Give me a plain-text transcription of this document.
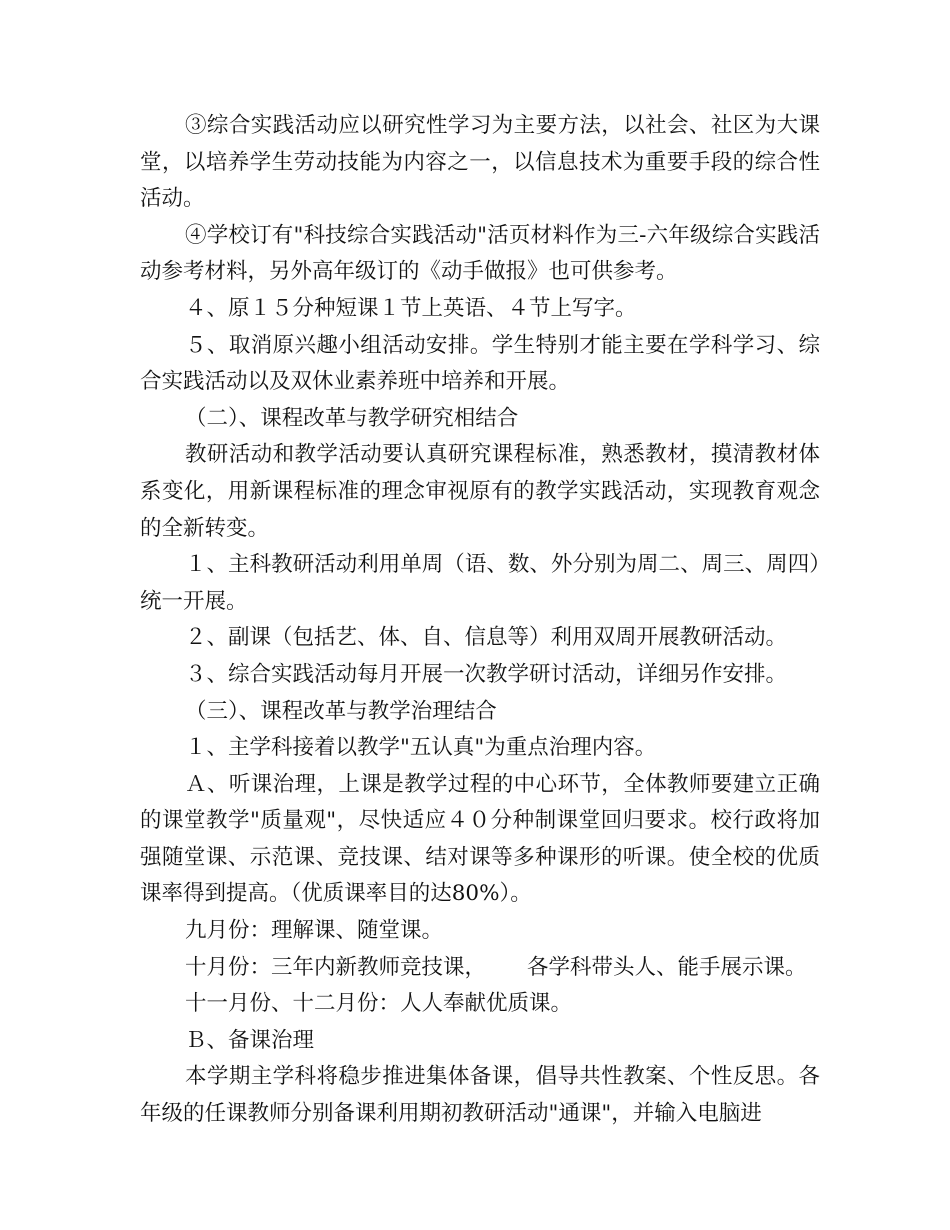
③综合实践活动应以研究性学习为主要方法，以社会、社区为大课堂，以培养学生劳动技能为内容之一，以信息技术为重要手段的综合性活动。

④学校订有"科技综合实践活动"活页材料作为三-六年级综合实践活动参考材料，另外高年级订的《动手做报》也可供参考。

４、原１５分种短课１节上英语、４节上写字。

５、取消原兴趣小组活动安排。学生特别才能主要在学科学习、综合实践活动以及双休业素养班中培养和开展。

（二）、课程改革与教学研究相结合

教研活动和教学活动要认真研究课程标准，熟悉教材，摸清教材体系变化，用新课程标准的理念审视原有的教学实践活动，实现教育观念的全新转变。

１、主科教研活动利用单周（语、数、外分别为周二、周三、周四）统一开展。

２、副课（包括艺、体、自、信息等）利用双周开展教研活动。

３、综合实践活动每月开展一次教学研讨活动，详细另作安排。

（三）、课程改革与教学治理结合

１、主学科接着以教学"五认真"为重点治理内容。

Ａ、听课治理，上课是教学过程的中心环节，全体教师要建立正确的课堂教学"质量观"，尽快适应４０分种制课堂回归要求。校行政将加强随堂课、示范课、竞技课、结对课等多种课形的听课。使全校的优质课率得到提高。（优质课率目的达80%）。

九月份：理解课、随堂课。

十月份：三年内新教师竞技课，      各学科带头人、能手展示课。

十一月份、十二月份：人人奉献优质课。

Ｂ、备课治理

本学期主学科将稳步推进集体备课，倡导共性教案、个性反思。各年级的任课教师分别备课利用期初教研活动"通课"，并输入电脑进
